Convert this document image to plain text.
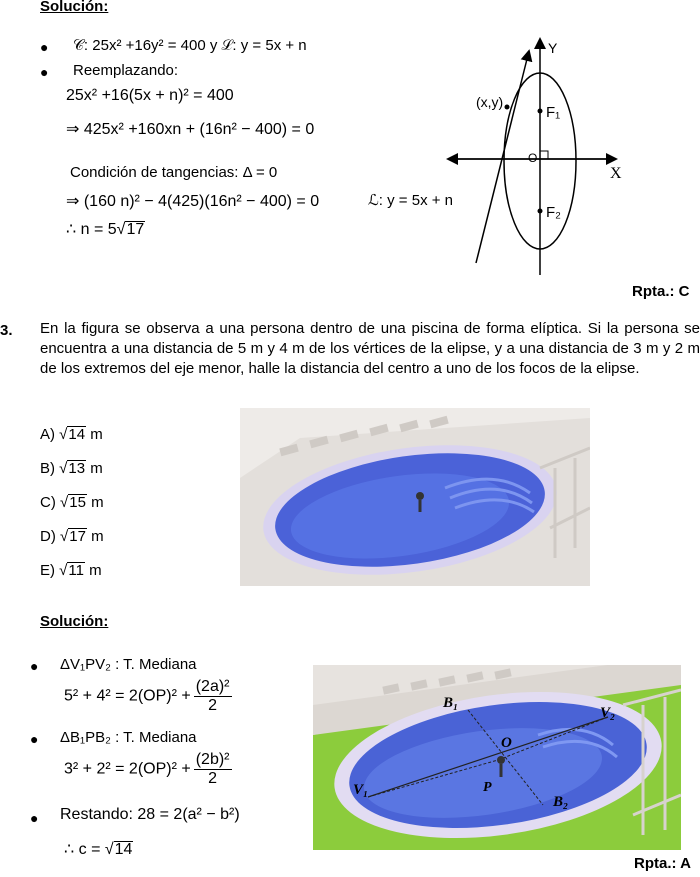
Solución:
● 𝒞: 25x² +16y² = 400 y ℒ: y = 5x + n
● Reemplazando:
25x² +16(5x + n)² = 400
⇒ 425x² +160xn + (16n² − 400) = 0
Condición de tangencias: Δ = 0
⇒ (160 n)² − 4(425)(16n² − 400) = 0	ℒ: y = 5x + n
∴ n = 5√17
Y
X
(x,y)
F₁
F₂
O
Rpta.: C
3. En la figura se observa a una persona dentro de una piscina de forma elíptica. Si la persona se encuentra a una distancia de 5 m y 4 m de los vértices de la elipse, y a una distancia de 3 m y 2 m de los extremos del eje menor, halle la distancia del centro a uno de los focos de la elipse.
A) √14 m
B) √13 m
C) √15 m
D) √17 m
E) √11 m
Solución:
● ΔV₁PV₂ : T. Mediana
$5^2 + 4^2 = 2(OP)^2 + \frac{\text{(2a)²}}{2}$
● ΔB₁PB₂ : T. Mediana
$3^2 + 2^2 = 2(OP)^2 + \frac{\text{(2b)²}}{2}$
● Restando: 28 = 2(a² − b²)
∴ c = √14
B₁
V₂
O
V₁	P
B₂
Rpta.: A
